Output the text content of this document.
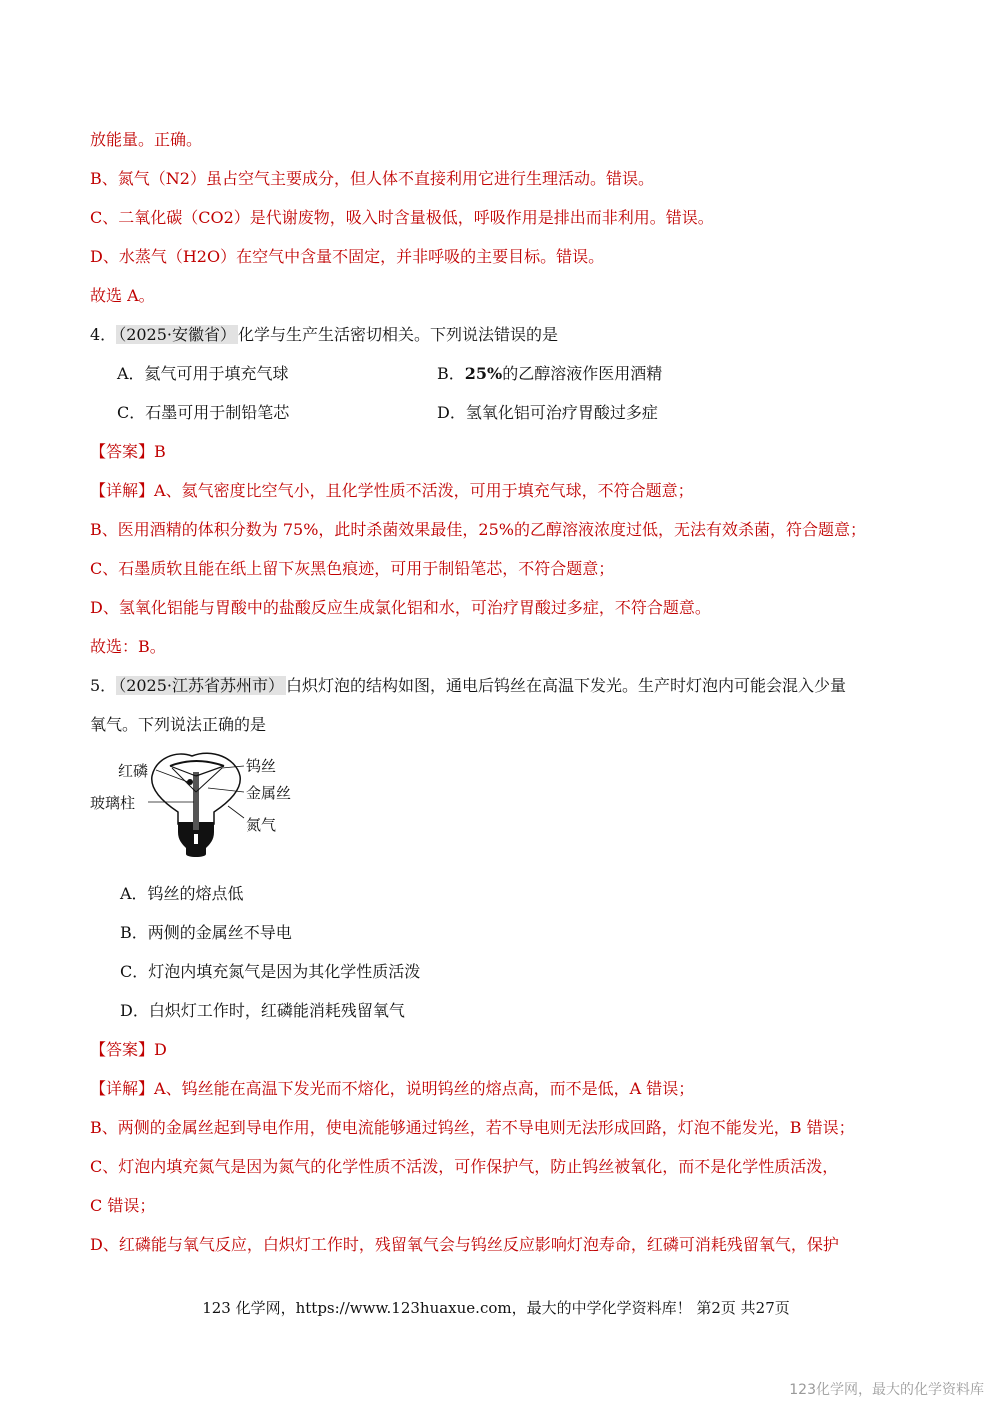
放能量。正确。
B、氮气（N2）虽占空气主要成分，但人体不直接利用它进行生理活动。错误。
C、二氧化碳（CO2）是代谢废物，吸入时含量极低，呼吸作用是排出而非利用。错误。
D、水蒸气（H2O）在空气中含量不固定，并非呼吸的主要目标。错误。
故选 A。
4． （2025·安徽省） 化学与生产生活密切相关。下列说法错误的是
A．氦气可用于填充气球	B．25%的乙醇溶液作医用酒精
C．石墨可用于制铅笔芯	D．氢氧化铝可治疗胃酸过多症
【答案】B
【详解】A、氦气密度比空气小，且化学性质不活泼，可用于填充气球，不符合题意；
B、医用酒精的体积分数为 75%，此时杀菌效果最佳，25%的乙醇溶液浓度过低，无法有效杀菌，符合题意；
C、石墨质软且能在纸上留下灰黑色痕迹，可用于制铅笔芯，不符合题意；
D、氢氧化铝能与胃酸中的盐酸反应生成氯化铝和水，可治疗胃酸过多症，不符合题意。
故选：B。
5． （2025·江苏省苏州市） 白炽灯泡的结构如图，通电后钨丝在高温下发光。生产时灯泡内可能会混入少量
氧气。下列说法正确的是
红磷
玻璃柱
钨丝
金属丝
氮气
A．钨丝的熔点低
B．两侧的金属丝不导电
C．灯泡内填充氮气是因为其化学性质活泼
D．白炽灯工作时，红磷能消耗残留氧气
【答案】D
【详解】A、钨丝能在高温下发光而不熔化，说明钨丝的熔点高，而不是低，A 错误；
B、两侧的金属丝起到导电作用，使电流能够通过钨丝，若不导电则无法形成回路，灯泡不能发光，B 错误；
C、灯泡内填充氮气是因为氮气的化学性质不活泼，可作保护气，防止钨丝被氧化，而不是化学性质活泼，
C 错误；
D、红磷能与氧气反应，白炽灯工作时，残留氧气会与钨丝反应影响灯泡寿命，红磷可消耗残留氧气，保护
123 化学网，https://www.123huaxue.com，最大的中学化学资料库！ 第2页 共27页
123化学网，最大的化学资料库
